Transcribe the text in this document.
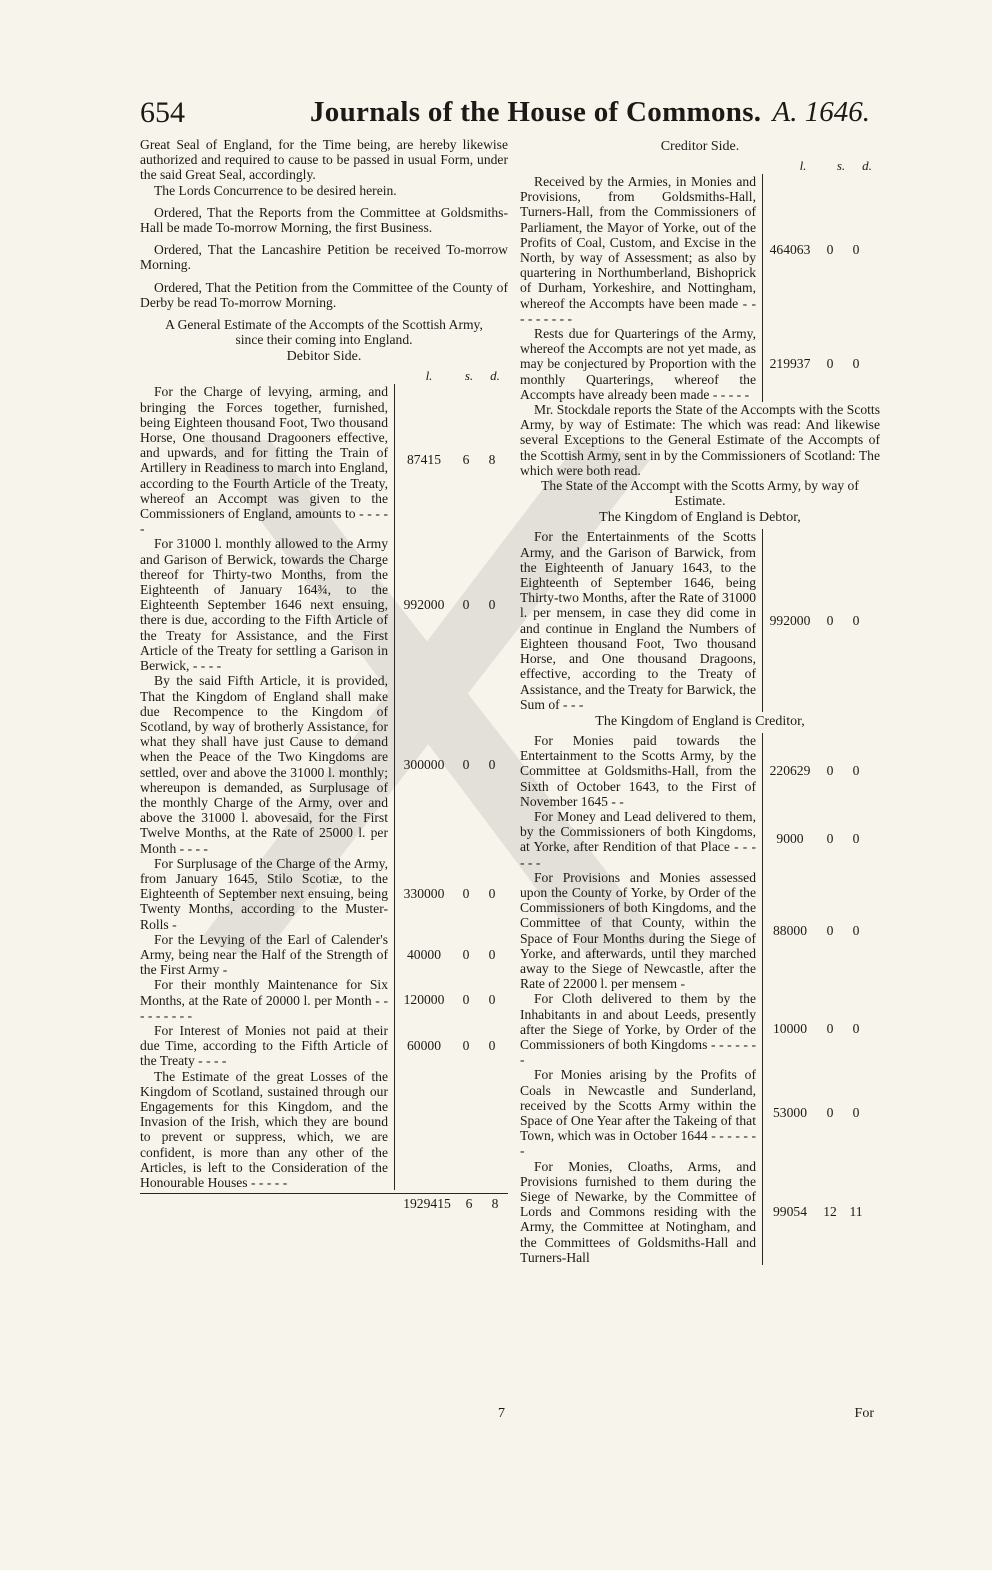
654	Journals of the House of Commons. A. 1646.

Great Seal of England, for the Time being, are hereby likewise authorized and required to cause to be passed in usual Form, under the said Great Seal, accordingly.

The Lords Concurrence to be desired herein.

Ordered, That the Reports from the Committee at Goldsmiths-Hall be made To-morrow Morning, the first Business.

Ordered, That the Lancashire Petition be received To-morrow Morning.

Ordered, That the Petition from the Committee of the County of Derby be read To-morrow Morning.

A General Estimate of the Accompts of the Scottish Army, since their coming into England.
Debitor Side.
l.	s.	d.
For the Charge of levying, arming, and bringing the Forces together, furnished, being Eighteen thousand Foot, Two thousand Horse, One thousand Dragooners effective, and upwards, and for fitting the Train of Artillery in Readiness to march into England, according to the Fourth Article of the Treaty, whereof an Accompt was given to the Commissioners of England, amounts to - - - - -
87415	6	8
For 31000 l. monthly allowed to the Army and Garison of Berwick, towards the Charge thereof for Thirty-two Months, from the Eighteenth of January 164¾, to the Eighteenth September 1646 next ensuing, there is due, according to the Fifth Article of the Treaty for Assistance, and the First Article of the Treaty for settling a Garison in Berwick, - - - -
992000	0	0
By the said Fifth Article, it is provided, That the Kingdom of England shall make due Recompence to the Kingdom of Scotland, by way of brotherly Assistance, for what they shall have just Cause to demand when the Peace of the Two Kingdoms are settled, over and above the 31000 l. monthly; whereupon is demanded, as Surplusage of the monthly Charge of the Army, over and above the 31000 l. abovesaid, for the First Twelve Months, at the Rate of 25000 l. per Month - - - -
300000	0	0
For Surplusage of the Charge of the Army, from January 1645, Stilo Scotiæ, to the Eighteenth of September next ensuing, being Twenty Months, according to the Muster-Rolls -
330000	0	0
For the Levying of the Earl of Calender's Army, being near the Half of the Strength of the First Army -
40000	0	0
For their monthly Maintenance for Six Months, at the Rate of 20000 l. per Month - - - - - - - - -
120000	0	0
For Interest of Monies not paid at their due Time, according to the Fifth Article of the Treaty - - - -
60000	0	0
The Estimate of the great Losses of the Kingdom of Scotland, sustained through our Engagements for this Kingdom, and the Invasion of the Irish, which they are bound to prevent or suppress, which, we are confident, is more than any other of the Articles, is left to the Consideration of the Honourable Houses - - - - -
1929415	6	8
Creditor Side.
l.	s.	d.
Received by the Armies, in Monies and Provisions, from Goldsmiths-Hall, Turners-Hall, from the Commissioners of Parliament, the Mayor of Yorke, out of the Profits of Coal, Custom, and Excise in the North, by way of Assessment; as also by quartering in Northumberland, Bishoprick of Durham, Yorkeshire, and Nottingham, whereof the Accompts have been made - - - - - - - - -
464063	0	0
Rests due for Quarterings of the Army, whereof the Accompts are not yet made, as may be conjectured by Proportion with the monthly Quarterings, whereof the Accompts have already been made - - - - -
219937	0	0

Mr. Stockdale reports the State of the Accompts with the Scotts Army, by way of Estimate: The which was read: And likewise several Exceptions to the General Estimate of the Accompts of the Scottish Army, sent in by the Commissioners of Scotland: The which were both read.

The State of the Accompt with the Scotts Army, by way of Estimate.
The Kingdom of England is Debtor,
For the Entertainments of the Scotts Army, and the Garison of Barwick, from the Eighteenth of January 1643, to the Eighteenth of September 1646, being Thirty-two Months, after the Rate of 31000 l. per mensem, in case they did come in and continue in England the Numbers of Eighteen thousand Foot, Two thousand Horse, and One thousand Dragoons, effective, according to the Treaty of Assistance, and the Treaty for Barwick, the Sum of - - -
992000	0	0
The Kingdom of England is Creditor,
For Monies paid towards the Entertainment to the Scotts Army, by the Committee at Goldsmiths-Hall, from the Sixth of October 1643, to the First of November 1645 - -
220629	0	0
For Money and Lead delivered to them, by the Commissioners of both Kingdoms, at Yorke, after Rendition of that Place - - - - - -
9000	0	0
For Provisions and Monies assessed upon the County of Yorke, by Order of the Commissioners of both Kingdoms, and the Committee of that County, within the Space of Four Months during the Siege of Yorke, and afterwards, until they marched away to the Siege of Newcastle, after the Rate of 22000 l. per mensem -
88000	0	0
For Cloth delivered to them by the Inhabitants in and about Leeds, presently after the Siege of Yorke, by Order of the Commissioners of both Kingdoms - - - - - - -
10000	0	0
For Monies arising by the Profits of Coals in Newcastle and Sunderland, received by the Scotts Army within the Space of One Year after the Takeing of that Town, which was in October 1644 - - - - - - -
53000	0	0
For Monies, Cloaths, Arms, and Provisions furnished to them during the Siege of Newarke, by the Committee of Lords and Commons residing with the Army, the Committee at Notingham, and the Committees of Goldsmiths-Hall and Turners-Hall
99054	12 11
7	For
